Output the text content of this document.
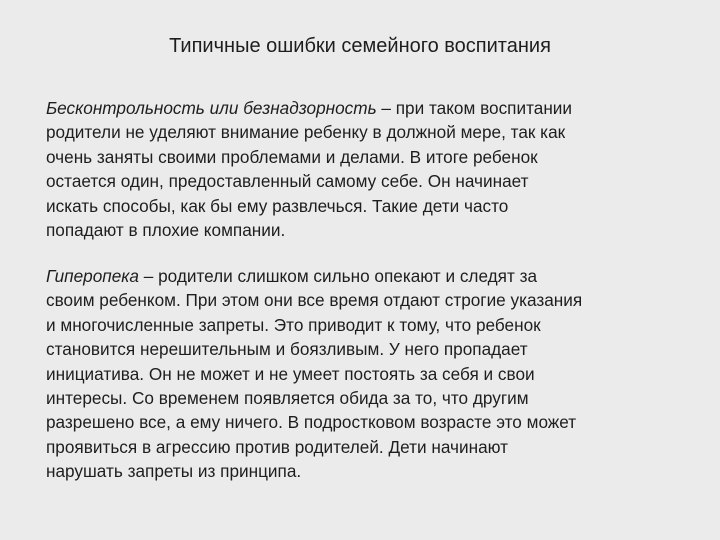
Типичные ошибки семейного воспитания
Бесконтрольность или безнадзорность – при таком воспитании
родители не уделяют внимание ребенку в должной мере, так как
очень заняты своими проблемами и делами. В итоге ребенок
остается один, предоставленный самому себе. Он начинает
искать способы, как бы ему развлечься. Такие дети часто
попадают в плохие компании.
Гиперопека – родители слишком сильно опекают и следят за
своим ребенком. При этом они все время отдают строгие указания
и многочисленные запреты. Это приводит к тому, что ребенок
становится нерешительным и боязливым. У него пропадает
инициатива. Он не может и не умеет постоять за себя и свои
интересы. Со временем появляется обида за то, что другим
разрешено все, а ему ничего. В подростковом возрасте это может
проявиться в агрессию против родителей. Дети начинают
нарушать запреты из принципа.
